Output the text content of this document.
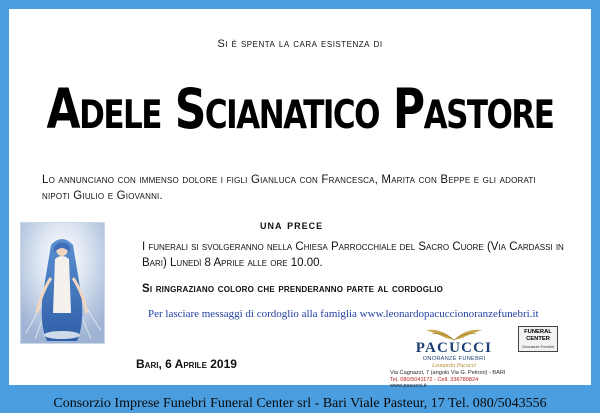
Si è spenta la cara esistenza di
Adele Scianatico Pastore
Lo annunciano con immenso dolore i figli Gianluca con Francesca, Marita con Beppe e gli adorati nipoti Giulio e Giovanni.
una prece
I funerali si svolgeranno nella Chiesa Parrocchiale del Sacro Cuore (Via Cardassi in Bari) Lunedì 8 Aprile alle ore 10.00.
Si ringraziano coloro che prenderanno parte al cordoglio
Per lasciare messaggi di cordoglio alla famiglia www.leonardopacuccionoranzefunebri.it
Bari, 6 Aprile 2019
PACUCCI
ONORANZE FUNEBRI
Leonardo Pacucci
FUNERAL CENTER
Onoranze Funebri
Via Cagnazzi, 7 (angolo Via G. Petroni) - BARI
Tel. 080/5041172 - Cell. 336780824
www.pacucci.it
Consorzio Imprese Funebri Funeral Center srl - Bari Viale Pasteur, 17 Tel. 080/5043556
